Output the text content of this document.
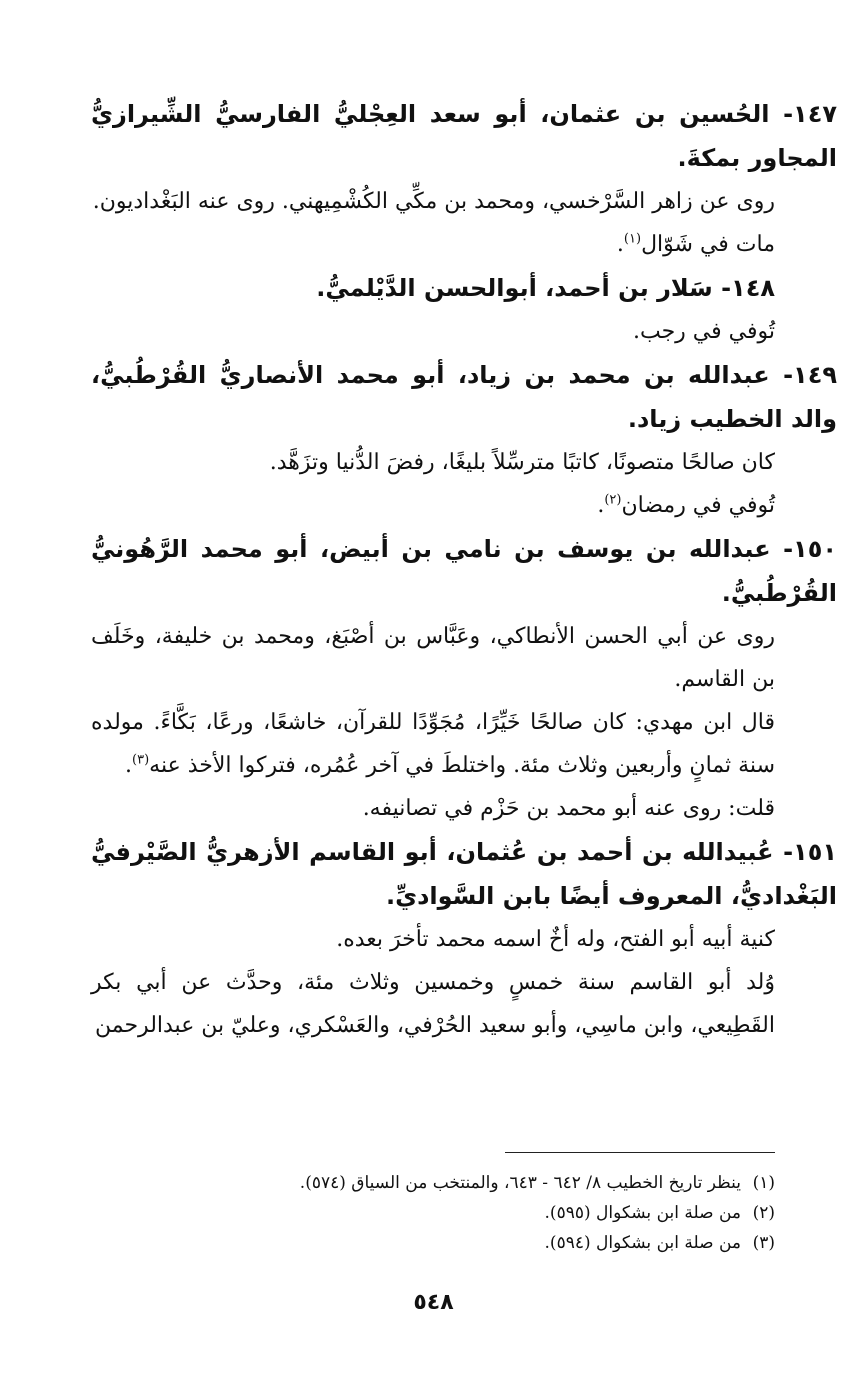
١٤٧- الحُسين بن عثمان، أبو سعد العِجْليُّ الفارسيُّ الشِّيرازيُّ المجاور بمكةَ.

روى عن زاهر السَّرْخسي، ومحمد بن مكِّي الكُشْمِيهني. روى عنه البَغْداديون.

مات في شَوّال$^{(١)}$.

١٤٨- سَلار بن أحمد، أبوالحسن الدَّيْلميُّ.

تُوفي في رجب.

١٤٩- عبدالله بن محمد بن زياد، أبو محمد الأنصاريُّ القُرْطُبيُّ، والد الخطيب زياد.

كان صالحًا متصونًا، كاتبًا مترسِّلاً بليغًا، رفضَ الدُّنيا وتزَهَّد.

تُوفي في رمضان$^{(٢)}$.

١٥٠- عبدالله بن يوسف بن نامي بن أبيض، أبو محمد الرَّهُونيُّ القُرْطُبيُّ.

روى عن أبي الحسن الأنطاكي، وعَبَّاس بن أصْبَغ، ومحمد بن خليفة، وخَلَف بن القاسم.

قال ابن مهدي: كان صالحًا خَيِّرًا، مُجَوِّدًا للقرآن، خاشعًا، ورعًا، بَكَّاءً. مولده سنة ثمانٍ وأربعين وثلاث مئة. واختلطَ في آخر عُمُره، فتركوا الأخذ عنه$^{(٣)}$.

قلت: روى عنه أبو محمد بن حَزْم في تصانيفه.

١٥١- عُبيدالله بن أحمد بن عُثمان، أبو القاسم الأزهريُّ الصَّيْرفيُّ البَغْداديُّ، المعروف أيضًا بابن السَّواديِّ.

كنية أبيه أبو الفتح، وله أخٌ اسمه محمد تأخرَ بعده.

وُلد أبو القاسم سنة خمسٍ وخمسين وثلاث مئة، وحدَّث عن أبي بكر القَطِيعي، وابن ماسِي، وأبو سعيد الحُرْفي، والعَسْكري، وعليّ بن عبدالرحمن

(١)ينظر تاريخ الخطيب ٨/ ٦٤٢ - ٦٤٣، والمنتخب من السياق (٥٧٤).

(٢)من صلة ابن بشكوال (٥٩٥).

(٣)من صلة ابن بشكوال (٥٩٤).

٥٤٨
